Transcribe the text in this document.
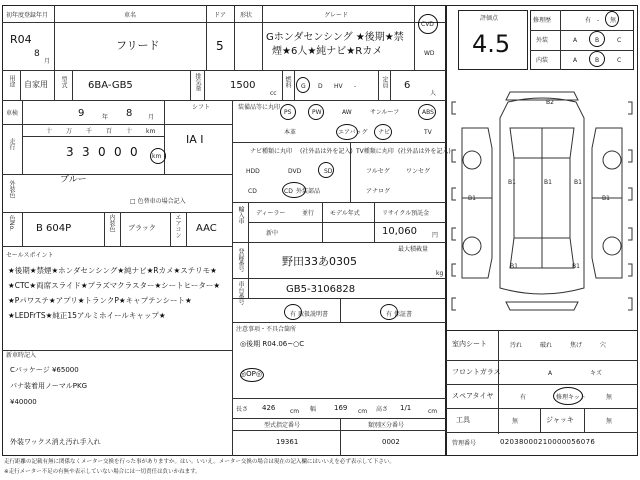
初年度登録年月
R04
8
月
車名
フリード
ドア
5
形状	グレード
Gホンダセンシング ★後期★禁
煙★6人★純ナビ★Rカメ
CVD
WD
評価点
4.5
修理歴	有 - 無
外装	A	B	C
内装	A	B	C
用途 自家用 型式 6BA-GB5	排気量	1500
cc
燃料 G D HV -	定員 6
人
車検	9	年 8	月
シフト
IA I
走行
十 万 千 百 十 km
3 3 0 0 0 km
外装色	ブルー
□ 色替車の場合記入
色No. B 604P	内装色 ブラック	エアコン AAC
セールスポイント
★後期★禁煙★ホンダセンシング★純ナビ★Rカメ★ステリモ★
★CTC★両席スライド★プラズマクラスター★シートヒーター★
★Pパワステ★アプリ★トランクP★キャプテンシート★
★LEDFrTS★純正15アルミホイールキャップ★
新車時記入
Cパッケージ ¥65000
パナ装着用ノーマルPKG
¥40000
外装ワックス消え汚れ手入れ
装備品等に丸印
PS	PW	AW	サンルーフ	ABS
本革	エアバッグ ナビ	TV
ナビ種類に丸印 (社外品は外を記入)
HDD	DVD	SD
CD	CD 外装部品
TV種類に丸印 (社外品は外を記入)
フルセグ	ワンセグ
アナログ
輸入車 ディーラー	並行
新中
モデル年式	リサイクル預託金
10,060	円
登録番号	最大積載量
野田33あ0305
kg
車台番号	GB5-3106828
有 取扱説明書	有 保証書
注意事項・不具合箇所
◎後期 R04.06~○C
◎OP◎
長さ 426 cm 幅	169 cm 高さ 1/1	cm
型式指定番号
19361
類別区分番号
0002
B2
B1
B1	B1
B1	B1
B1	B1
室内シート	汚れ	破れ	焦げ	穴
フロントガラス	A	キズ
スペアタイヤ	有	修理キット	無
工具	無	ジャッキ	無
管理番号	02038000210000056076
走行距離の記載有無に関係なくメーター交換を行った事がありますか。はい。いいえ。メーター交換の場合は現在の記入欄にはいいえを必ず表示して下さい。
※走行メーター不足の有無や表示していない場合には一切責任は負いかねます。
